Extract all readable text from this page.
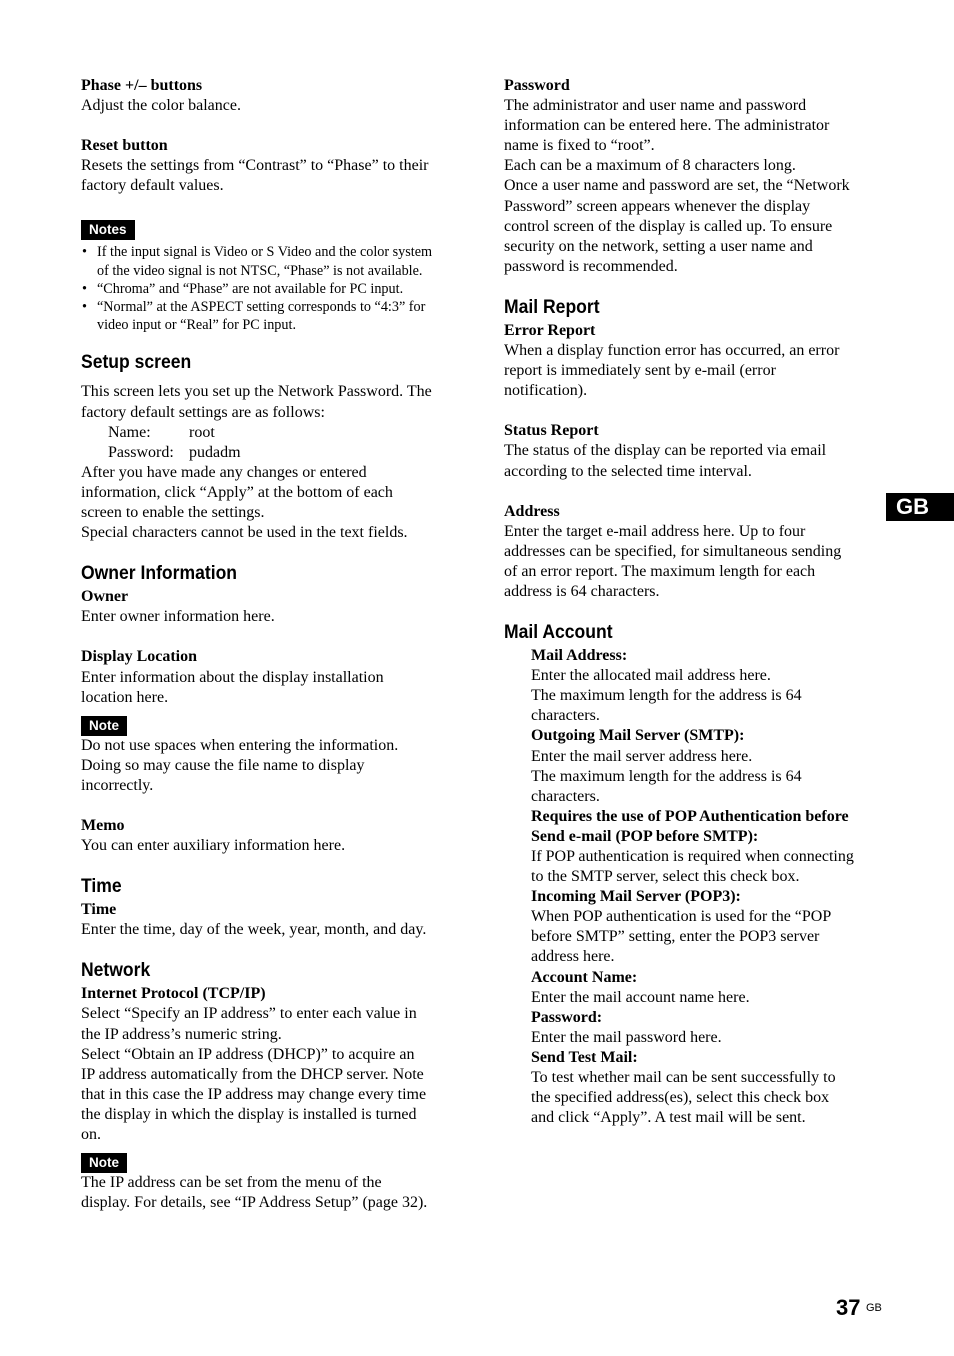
Phase +/– buttons

Adjust the color balance.

Reset button

Resets the settings from “Contrast” to “Phase” to their

factory default values.

Notes
• If the input signal is Video or S Video and the color system
of the video signal is not NTSC, “Phase” is not available.
• “Chroma” and “Phase” are not available for PC input.
• “Normal” at the ASPECT setting corresponds to “4:3” for
video input or “Real” for PC input.
Setup screen

This screen lets you set up the Network Password. The

factory default settings are as follows:

Name:	root
Password: pudadm

After you have made any changes or entered

information, click “Apply” at the bottom of each

screen to enable the settings.

Special characters cannot be used in the text fields.

Owner Information

Owner

Enter owner information here.

Display Location

Enter information about the display installation

location here.

Note

Do not use spaces when entering the information.

Doing so may cause the file name to display

incorrectly.

Memo

You can enter auxiliary information here.

Time

Time

Enter the time, day of the week, year, month, and day.

Network

Internet Protocol (TCP/IP)

Select “Specify an IP address” to enter each value in

the IP address’s numeric string.

Select “Obtain an IP address (DHCP)” to acquire an

IP address automatically from the DHCP server. Note

that in this case the IP address may change every time

the display in which the display is installed is turned

on.

Note

The IP address can be set from the menu of the

display. For details, see “IP Address Setup” (page 32).

Password

The administrator and user name and password

information can be entered here. The administrator

name is fixed to “root”.

Each can be a maximum of 8 characters long.

Once a user name and password are set, the “Network

Password” screen appears whenever the display

control screen of the display is called up. To ensure

security on the network, setting a user name and

password is recommended.

Mail Report

Error Report

When a display function error has occurred, an error

report is immediately sent by e-mail (error

notification).

Status Report

The status of the display can be reported via email

according to the selected time interval.

Address

Enter the target e-mail address here. Up to four

addresses can be specified, for simultaneous sending

of an error report. The maximum length for each

address is 64 characters.

Mail Account

Mail Address:

Enter the allocated mail address here.

The maximum length for the address is 64

characters.

Outgoing Mail Server (SMTP):

Enter the mail server address here.

The maximum length for the address is 64

characters.

Requires the use of POP Authentication before

Send e-mail (POP before SMTP):

If POP authentication is required when connecting

to the SMTP server, select this check box.

Incoming Mail Server (POP3):

When POP authentication is used for the “POP

before SMTP” setting, enter the POP3 server

address here.

Account Name:

Enter the mail account name here.

Password:

Enter the mail password here.

Send Test Mail:

To test whether mail can be sent successfully to

the specified address(es), select this check box

and click “Apply”. A test mail will be sent.

GB
37 GB
